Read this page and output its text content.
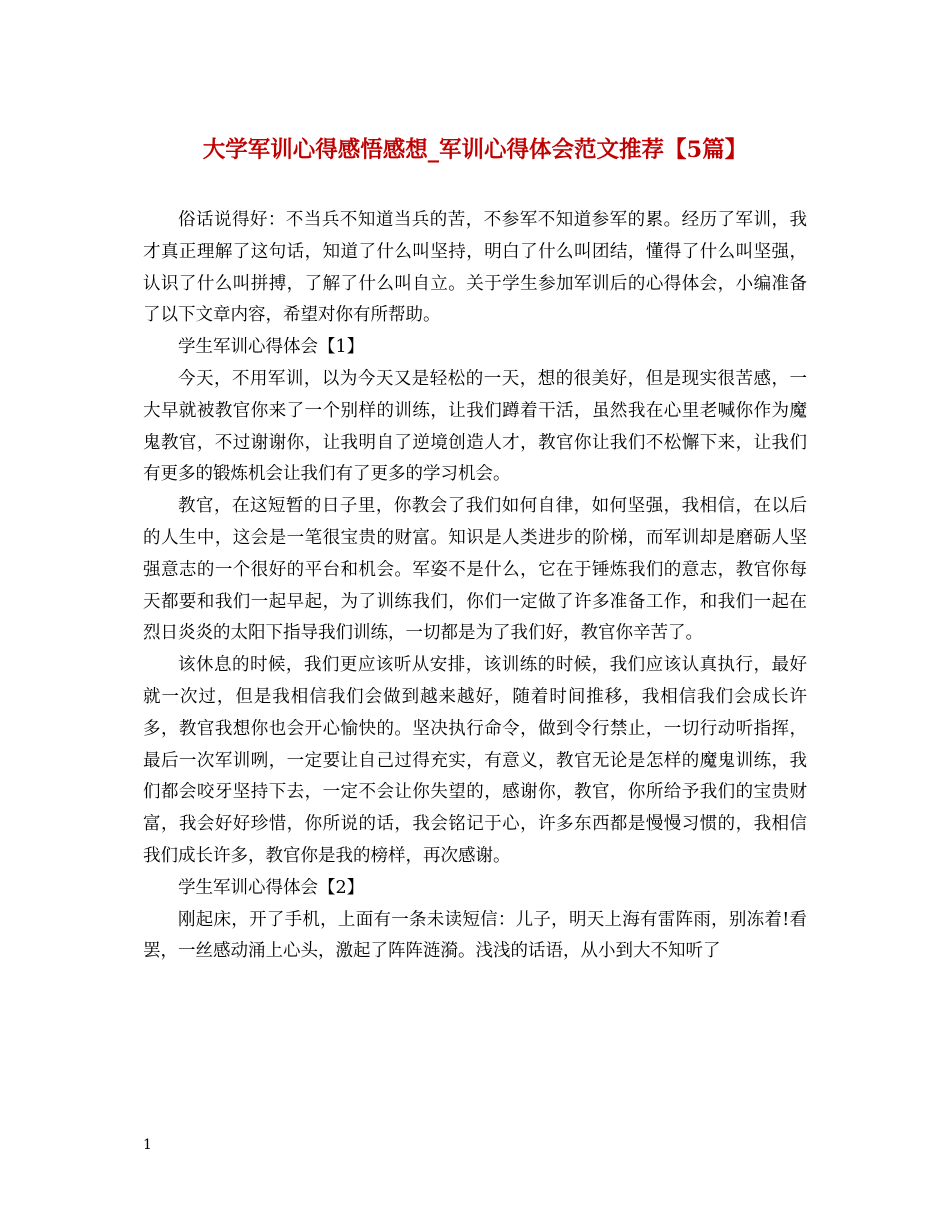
大学军训心得感悟感想_军训心得体会范文推荐【5篇】

俗话说得好：不当兵不知道当兵的苦，不参军不知道参军的累。经历了军训，我才真正理解了这句话，知道了什么叫坚持，明白了什么叫团结，懂得了什么叫坚强，认识了什么叫拼搏，了解了什么叫自立。关于学生参加军训后的心得体会，小编准备了以下文章内容，希望对你有所帮助。

学生军训心得体会【1】

今天，不用军训，以为今天又是轻松的一天，想的很美好，但是现实很苦感，一大早就被教官你来了一个别样的训练，让我们蹲着干活，虽然我在心里老喊你作为魔鬼教官，不过谢谢你，让我明自了逆境创造人才，教官你让我们不松懈下来，让我们有更多的锻炼机会让我们有了更多的学习机会。

教官，在这短暂的日子里，你教会了我们如何自律，如何坚强，我相信，在以后的人生中，这会是一笔很宝贵的财富。知识是人类进步的阶梯，而军训却是磨砺人坚强意志的一个很好的平台和机会。军姿不是什么，它在于锤炼我们的意志，教官你每天都要和我们一起早起，为了训练我们，你们一定做了许多准备工作，和我们一起在烈日炎炎的太阳下指导我们训练，一切都是为了我们好，教官你辛苦了。

该休息的时候，我们更应该听从安排，该训练的时候，我们应该认真执行，最好就一次过，但是我相信我们会做到越来越好，随着时间推移，我相信我们会成长许多，教官我想你也会开心愉快的。坚决执行命令，做到令行禁止，一切行动听指挥，最后一次军训咧，一定要让自己过得充实，有意义，教官无论是怎样的魔鬼训练，我们都会咬牙坚持下去，一定不会让你失望的，感谢你，教官，你所给予我们的宝贵财富，我会好好珍惜，你所说的话，我会铭记于心，许多东西都是慢慢习惯的，我相信我们成长许多，教官你是我的榜样，再次感谢。

学生军训心得体会【2】

刚起床，开了手机，上面有一条未读短信：儿子，明天上海有雷阵雨，别冻着!看罢，一丝感动涌上心头，激起了阵阵涟漪。浅浅的话语，从小到大不知听了

1
